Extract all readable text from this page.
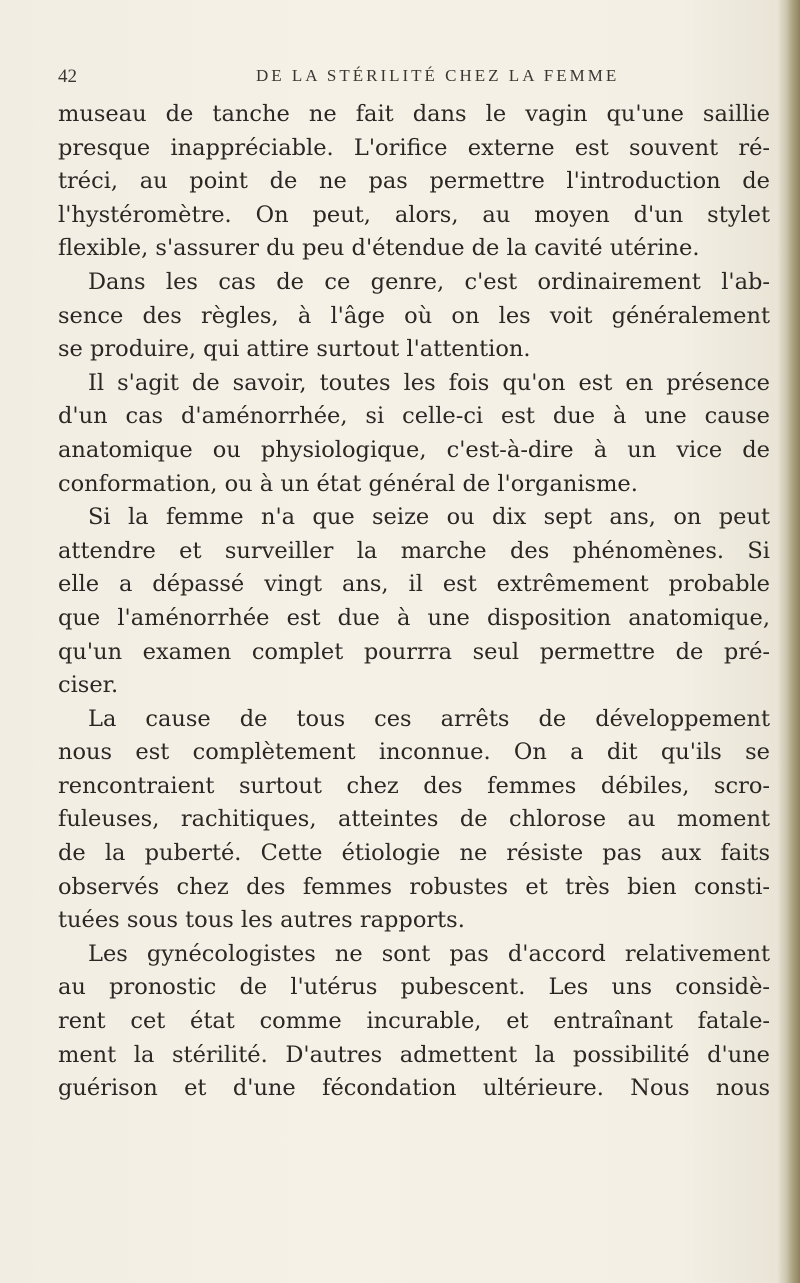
42	DE LA STÉRILITÉ CHEZ LA FEMME
museau de tanche ne fait dans le vagin qu'une saillie
presque inappréciable. L'orifice externe est souvent ré-
tréci, au point de ne pas permettre l'introduction de
l'hystéromètre. On peut, alors, au moyen d'un stylet
flexible, s'assurer du peu d'étendue de la cavité utérine.
Dans les cas de ce genre, c'est ordinairement l'ab-
sence des règles, à l'âge où on les voit généralement
se produire, qui attire surtout l'attention.
Il s'agit de savoir, toutes les fois qu'on est en présence
d'un cas d'aménorrhée, si celle-ci est due à une cause
anatomique ou physiologique, c'est-à-dire à un vice de
conformation, ou à un état général de l'organisme.
Si la femme n'a que seize ou dix sept ans, on peut
attendre et surveiller la marche des phénomènes. Si
elle a dépassé vingt ans, il est extrêmement probable
que l'aménorrhée est due à une disposition anatomique,
qu'un examen complet pourrra seul permettre de pré-
ciser.
La cause de tous ces arrêts de développement
nous est complètement inconnue. On a dit qu'ils se
rencontraient surtout chez des femmes débiles, scro-
fuleuses, rachitiques, atteintes de chlorose au moment
de la puberté. Cette étiologie ne résiste pas aux faits
observés chez des femmes robustes et très bien consti-
tuées sous tous les autres rapports.
Les gynécologistes ne sont pas d'accord relativement
au pronostic de l'utérus pubescent. Les uns considè-
rent cet état comme incurable, et entraînant fatale-
ment la stérilité. D'autres admettent la possibilité d'une
guérison et d'une fécondation ultérieure. Nous nous
